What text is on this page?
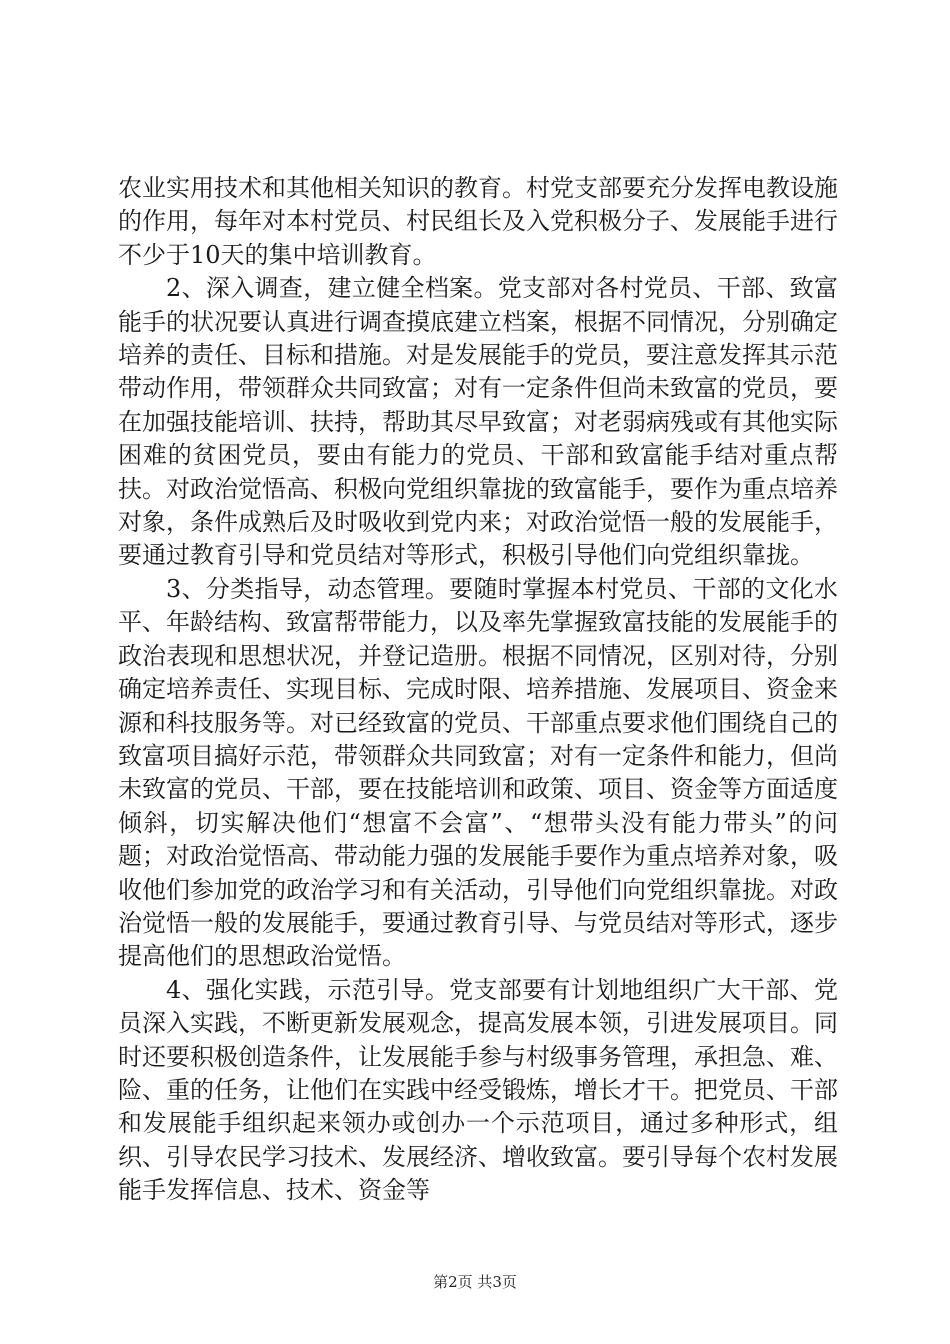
农业实用技术和其他相关知识的教育。村党支部要充分发挥电教设施的作用，每年对本村党员、村民组长及入党积极分子、发展能手进行不少于10天的集中培训教育。

2、深入调查，建立健全档案。党支部对各村党员、干部、致富能手的状况要认真进行调查摸底建立档案，根据不同情况，分别确定培养的责任、目标和措施。对是发展能手的党员，要注意发挥其示范带动作用，带领群众共同致富；对有一定条件但尚未致富的党员，要在加强技能培训、扶持，帮助其尽早致富；对老弱病残或有其他实际困难的贫困党员，要由有能力的党员、干部和致富能手结对重点帮扶。对政治觉悟高、积极向党组织靠拢的致富能手，要作为重点培养对象，条件成熟后及时吸收到党内来；对政治觉悟一般的发展能手，要通过教育引导和党员结对等形式，积极引导他们向党组织靠拢。

3、分类指导，动态管理。要随时掌握本村党员、干部的文化水平、年龄结构、致富帮带能力，以及率先掌握致富技能的发展能手的政治表现和思想状况，并登记造册。根据不同情况，区别对待，分别确定培养责任、实现目标、完成时限、培养措施、发展项目、资金来源和科技服务等。对已经致富的党员、干部重点要求他们围绕自己的致富项目搞好示范，带领群众共同致富；对有一定条件和能力，但尚未致富的党员、干部，要在技能培训和政策、项目、资金等方面适度倾斜，切实解决他们“想富不会富”、“想带头没有能力带头”的问题；对政治觉悟高、带动能力强的发展能手要作为重点培养对象，吸收他们参加党的政治学习和有关活动，引导他们向党组织靠拢。对政治觉悟一般的发展能手，要通过教育引导、与党员结对等形式，逐步提高他们的思想政治觉悟。

4、强化实践，示范引导。党支部要有计划地组织广大干部、党员深入实践，不断更新发展观念，提高发展本领，引进发展项目。同时还要积极创造条件，让发展能手参与村级事务管理，承担急、难、险、重的任务，让他们在实践中经受锻炼，增长才干。把党员、干部和发展能手组织起来领办或创办一个示范项目，通过多种形式，组织、引导农民学习技术、发展经济、增收致富。要引导每个农村发展能手发挥信息、技术、资金等

第2页 共3页
